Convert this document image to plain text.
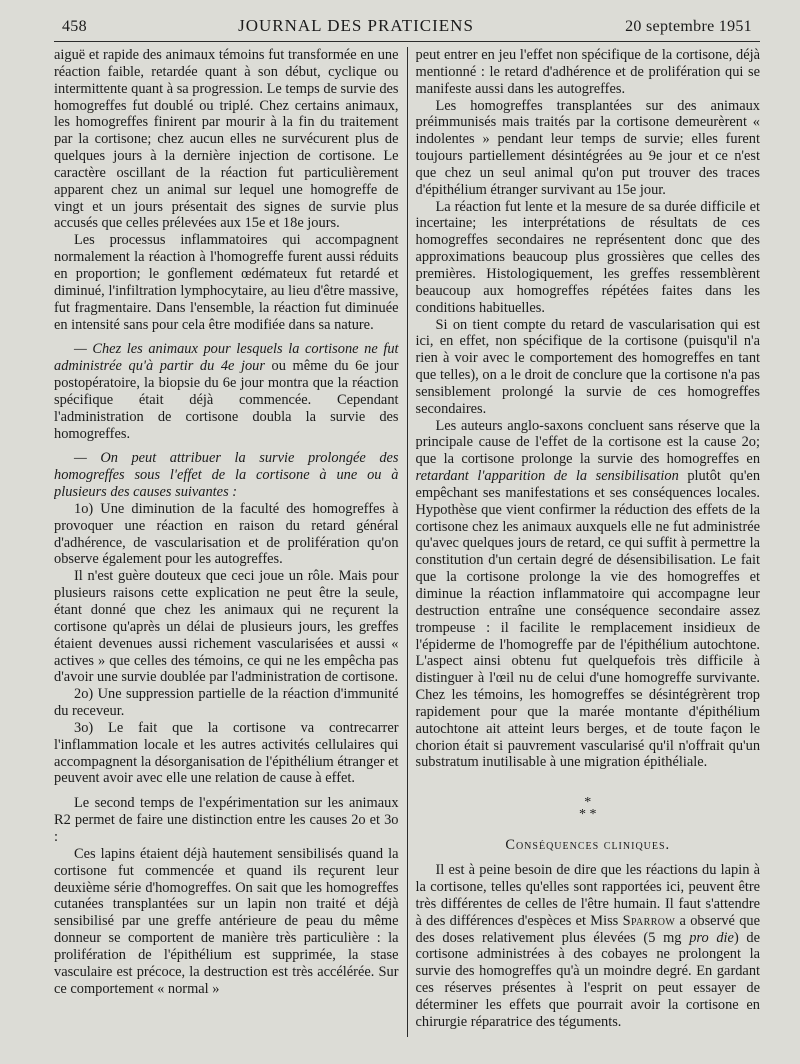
458	JOURNAL DES PRATICIENS	20 septembre 1951

aiguë et rapide des animaux témoins fut transformée en une réaction faible, retardée quant à son début, cyclique ou intermittente quant à sa progression. Le temps de survie des homogreffes fut doublé ou triplé. Chez certains animaux, les homogreffes finirent par mourir à la fin du traitement par la cortisone; chez aucun elles ne survécurent plus de quelques jours à la dernière injection de cortisone. Le caractère oscillant de la réaction fut particulièrement apparent chez un animal sur lequel une homogreffe de vingt et un jours présentait des signes de survie plus accusés que celles prélevées aux 15e et 18e jours.

Les processus inflammatoires qui accompagnent normalement la réaction à l'homogreffe furent aussi réduits en proportion; le gonflement œdémateux fut retardé et diminué, l'infiltration lymphocytaire, au lieu d'être massive, fut fragmentaire. Dans l'ensemble, la réaction fut diminuée en intensité sans pour cela être modifiée dans sa nature.

— Chez les animaux pour lesquels la cortisone ne fut administrée qu'à partir du 4e jour ou même du 6e jour postopératoire, la biopsie du 6e jour montra que la réaction spécifique était déjà commencée. Cependant l'administration de cortisone doubla la survie des homogreffes.

— On peut attribuer la survie prolongée des homogreffes sous l'effet de la cortisone à une ou à plusieurs des causes suivantes :

1o) Une diminution de la faculté des homogreffes à provoquer une réaction en raison du retard général d'adhérence, de vascularisation et de prolifération qu'on observe également pour les autogreffes.

Il n'est guère douteux que ceci joue un rôle. Mais pour plusieurs raisons cette explication ne peut être la seule, étant donné que chez les animaux qui ne reçurent la cortisone qu'après un délai de plusieurs jours, les greffes étaient devenues aussi richement vascularisées et aussi « actives » que celles des témoins, ce qui ne les empêcha pas d'avoir une survie doublée par l'administration de cortisone.

2o) Une suppression partielle de la réaction d'immunité du receveur.

3o) Le fait que la cortisone va contrecarrer l'inflammation locale et les autres activités cellulaires qui accompagnent la désorganisation de l'épithélium étranger et peuvent avoir avec elle une relation de cause à effet.

Le second temps de l'expérimentation sur les animaux R2 permet de faire une distinction entre les causes 2o et 3o :

Ces lapins étaient déjà hautement sensibilisés quand la cortisone fut commencée et quand ils reçurent leur deuxième série d'homogreffes. On sait que les homogreffes cutanées transplantées sur un lapin non traité et déjà sensibilisé par une greffe antérieure de peau du même donneur se comportent de manière très particulière : la prolifération de l'épithélium est supprimée, la stase vasculaire est précoce, la destruction est très accélérée. Sur ce comportement « normal »

peut entrer en jeu l'effet non spécifique de la cortisone, déjà mentionné : le retard d'adhérence et de prolifération qui se manifeste aussi dans les autogreffes.

Les homogreffes transplantées sur des animaux préimmunisés mais traités par la cortisone demeurèrent « indolentes » pendant leur temps de survie; elles furent toujours partiellement désintégrées au 9e jour et ce n'est que chez un seul animal qu'on put trouver des traces d'épithélium étranger survivant au 15e jour.

La réaction fut lente et la mesure de sa durée difficile et incertaine; les interprétations de résultats de ces homogreffes secondaires ne représentent donc que des approximations beaucoup plus grossières que celles des premières. Histologiquement, les greffes ressemblèrent beaucoup aux homogreffes répétées faites dans les conditions habituelles.

Si on tient compte du retard de vascularisation qui est ici, en effet, non spécifique de la cortisone (puisqu'il n'a rien à voir avec le comportement des homogreffes en tant que telles), on a le droit de conclure que la cortisone n'a pas sensiblement prolongé la survie de ces homogreffes secondaires.

Les auteurs anglo-saxons concluent sans réserve que la principale cause de l'effet de la cortisone est la cause 2o; que la cortisone prolonge la survie des homogreffes en retardant l'apparition de la sensibilisation plutôt qu'en empêchant ses manifestations et ses conséquences locales. Hypothèse que vient confirmer la réduction des effets de la cortisone chez les animaux auxquels elle ne fut administrée qu'avec quelques jours de retard, ce qui suffit à permettre la constitution d'un certain degré de désensibilisation. Le fait que la cortisone prolonge la vie des homogreffes et diminue la réaction inflammatoire qui accompagne leur destruction entraîne une conséquence secondaire assez trompeuse : il facilite le remplacement insidieux de l'épiderme de l'homogreffe par de l'épithélium autochtone. L'aspect ainsi obtenu fut quelquefois très difficile à distinguer à l'œil nu de celui d'une homogreffe survivante. Chez les témoins, les homogreffes se désintégrèrent trop rapidement pour que la marée montante d'épithélium autochtone ait atteint leurs berges, et de toute façon le chorion était si pauvrement vascularisé qu'il n'offrait qu'un substratum inutilisable à une migration épithéliale.

*
* *
Conséquences cliniques.

Il est à peine besoin de dire que les réactions du lapin à la cortisone, telles qu'elles sont rapportées ici, peuvent être très différentes de celles de l'être humain. Il faut s'attendre à des différences d'espèces et Miss Sparrow a observé que des doses relativement plus élevées (5 mg pro die) de cortisone administrées à des cobayes ne prolongent la survie des homogreffes qu'à un moindre degré. En gardant ces réserves présentes à l'esprit on peut essayer de déterminer les effets que pourrait avoir la cortisone en chirurgie réparatrice des téguments.
